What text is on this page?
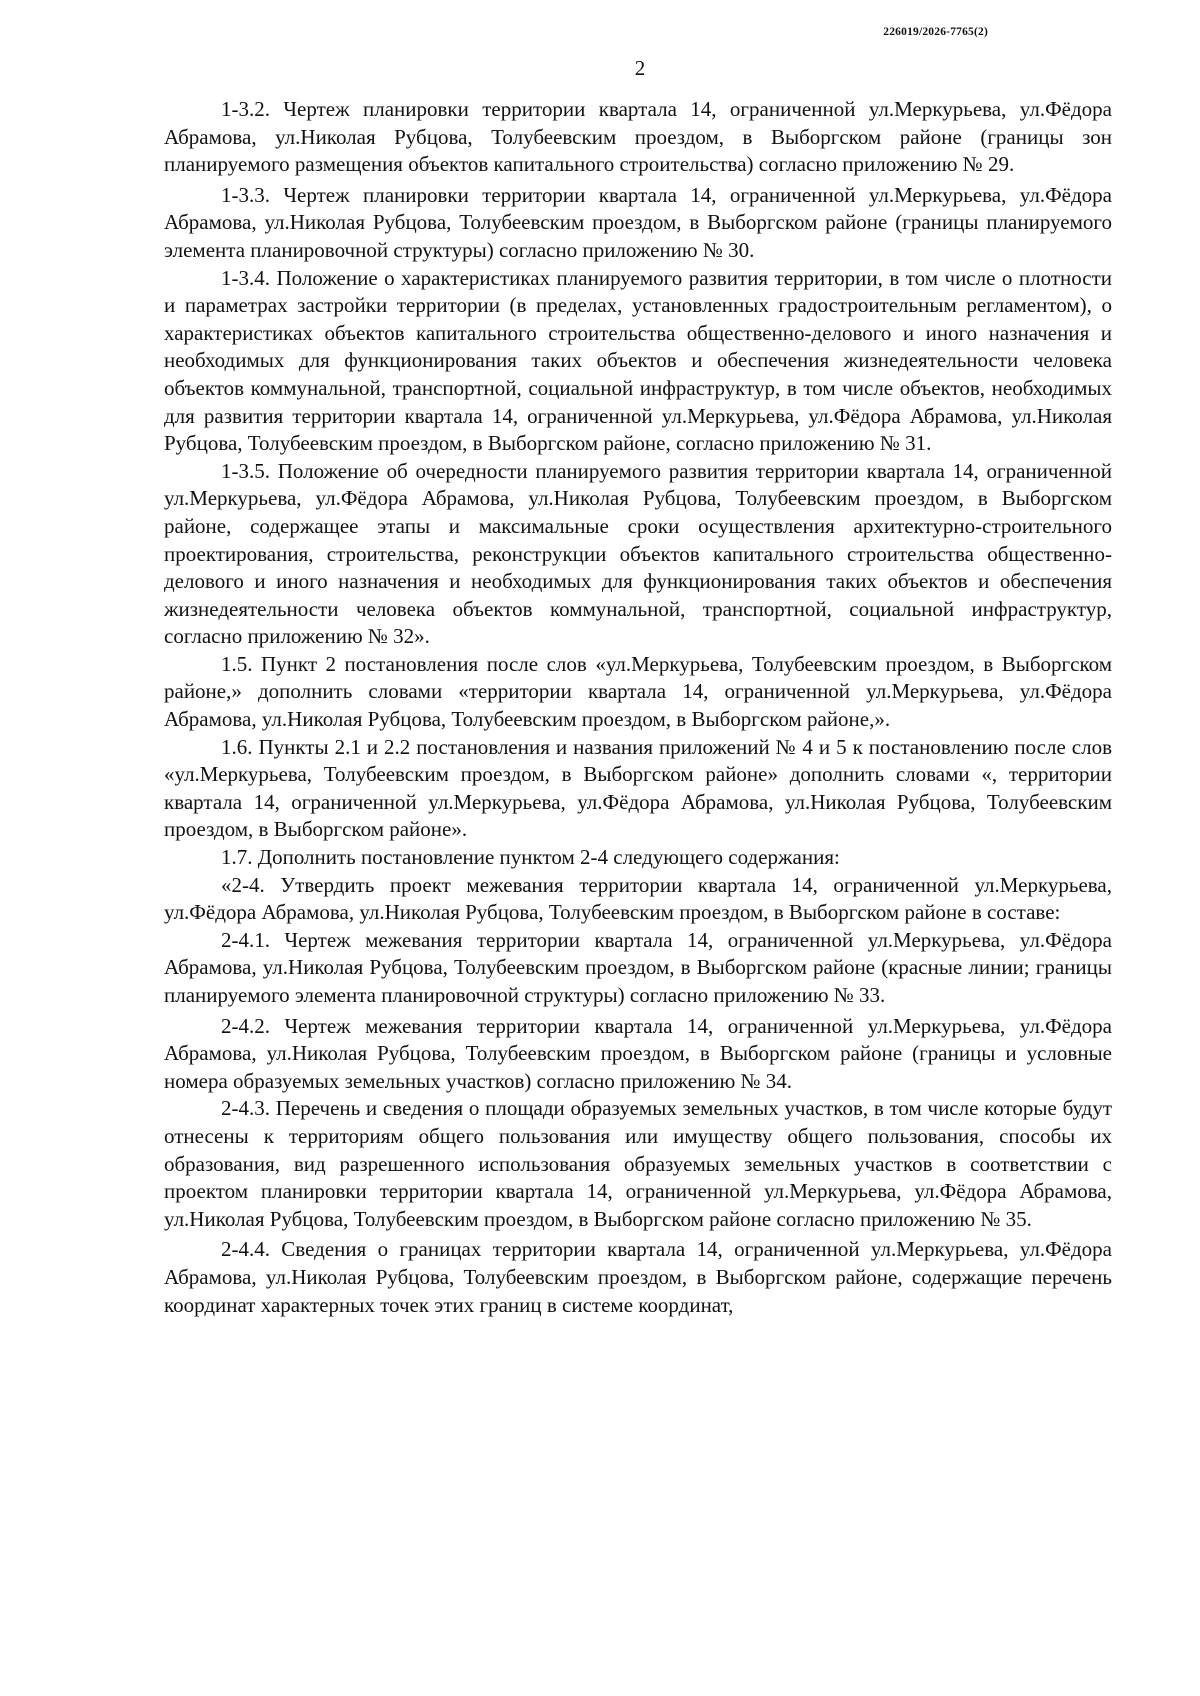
226019/2026-7765(2)
2

1-3.2. Чертеж планировки территории квартала 14, ограниченной ул.Меркурьева, ул.Фёдора Абрамова, ул.Николая Рубцова, Толубеевским проездом, в Выборгском районе (границы зон планируемого размещения объектов капитального строительства) согласно приложению № 29.

1-3.3. Чертеж планировки территории квартала 14, ограниченной ул.Меркурьева, ул.Фёдора Абрамова, ул.Николая Рубцова, Толубеевским проездом, в Выборгском районе (границы планируемого элемента планировочной структуры) согласно приложению № 30.

1-3.4. Положение о характеристиках планируемого развития территории, в том числе о плотности и параметрах застройки территории (в пределах, установленных градостроительным регламентом), о характеристиках объектов капитального строительства общественно-делового и иного назначения и необходимых для функционирования таких объектов и обеспечения жизнедеятельности человека объектов коммунальной, транспортной, социальной инфраструктур, в том числе объектов, необходимых для развития территории квартала 14, ограниченной ул.Меркурьева, ул.Фёдора Абрамова, ул.Николая Рубцова, Толубеевским проездом, в Выборгском районе, согласно приложению № 31.

1-3.5. Положение об очередности планируемого развития территории квартала 14, ограниченной ул.Меркурьева, ул.Фёдора Абрамова, ул.Николая Рубцова, Толубеевским проездом, в Выборгском районе, содержащее этапы и максимальные сроки осуществления архитектурно-строительного проектирования, строительства, реконструкции объектов капитального строительства общественно-делового и иного назначения и необходимых для функционирования таких объектов и обеспечения жизнедеятельности человека объектов коммунальной, транспортной, социальной инфраструктур, согласно приложению № 32».

1.5. Пункт 2 постановления после слов «ул.Меркурьева, Толубеевским проездом, в Выборгском районе,» дополнить словами «территории квартала 14, ограниченной ул.Меркурьева, ул.Фёдора Абрамова, ул.Николая Рубцова, Толубеевским проездом, в Выборгском районе,».

1.6. Пункты 2.1 и 2.2 постановления и названия приложений № 4 и 5 к постановлению после слов «ул.Меркурьева, Толубеевским проездом, в Выборгском районе» дополнить словами «, территории квартала 14, ограниченной ул.Меркурьева, ул.Фёдора Абрамова, ул.Николая Рубцова, Толубеевским проездом, в Выборгском районе».

1.7. Дополнить постановление пунктом 2-4 следующего содержания:

«2-4. Утвердить проект межевания территории квартала 14, ограниченной ул.Меркурьева, ул.Фёдора Абрамова, ул.Николая Рубцова, Толубеевским проездом, в Выборгском районе в составе:

2-4.1. Чертеж межевания территории квартала 14, ограниченной ул.Меркурьева, ул.Фёдора Абрамова, ул.Николая Рубцова, Толубеевским проездом, в Выборгском районе (красные линии; границы планируемого элемента планировочной структуры) согласно приложению № 33.

2-4.2. Чертеж межевания территории квартала 14, ограниченной ул.Меркурьева, ул.Фёдора Абрамова, ул.Николая Рубцова, Толубеевским проездом, в Выборгском районе (границы и условные номера образуемых земельных участков) согласно приложению № 34.

2-4.3. Перечень и сведения о площади образуемых земельных участков, в том числе которые будут отнесены к территориям общего пользования или имуществу общего пользования, способы их образования, вид разрешенного использования образуемых земельных участков в соответствии с проектом планировки территории квартала 14, ограниченной ул.Меркурьева, ул.Фёдора Абрамова, ул.Николая Рубцова, Толубеевским проездом, в Выборгском районе согласно приложению № 35.

2-4.4. Сведения о границах территории квартала 14, ограниченной ул.Меркурьева, ул.Фёдора Абрамова, ул.Николая Рубцова, Толубеевским проездом, в Выборгском районе, содержащие перечень координат характерных точек этих границ в системе координат,
